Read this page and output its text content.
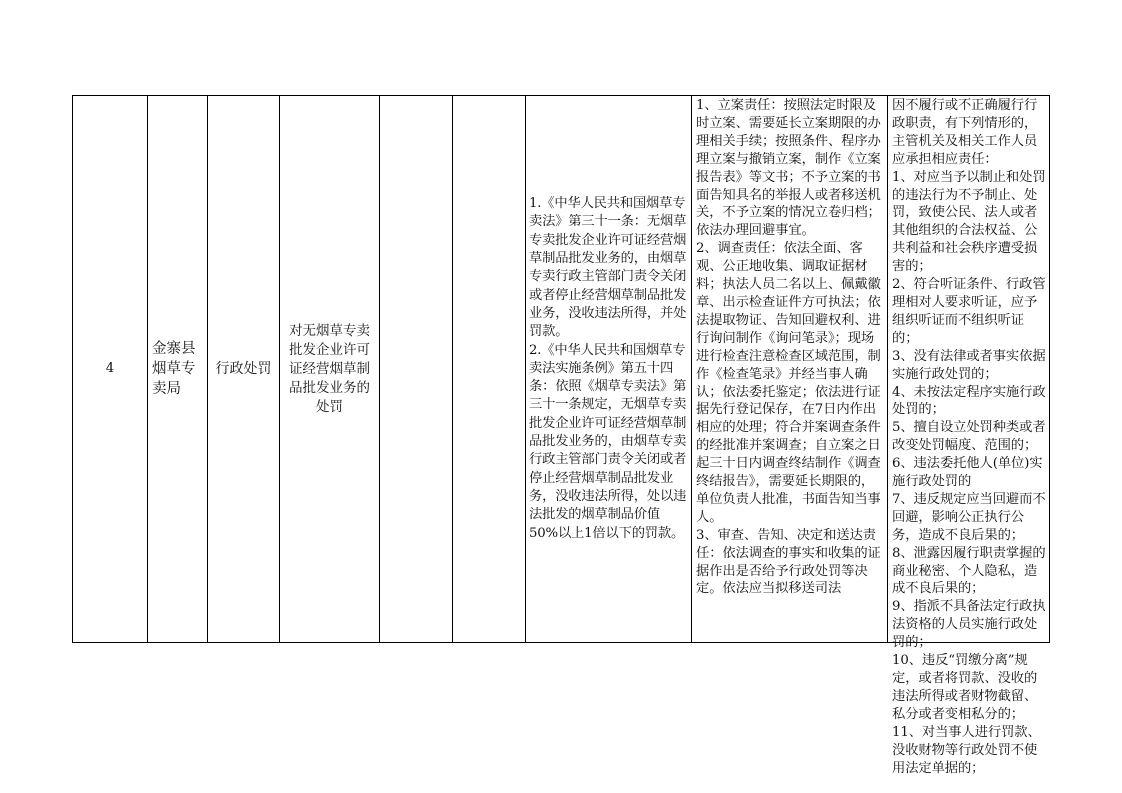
4
金寨县烟草专卖局
行政处罚
对无烟草专卖批发企业许可证经营烟草制品批发业务的处罚
1.《中华人民共和国烟草专卖法》第三十一条：无烟草专卖批发企业许可证经营烟草制品批发业务的，由烟草专卖行政主管部门责令关闭或者停止经营烟草制品批发业务，没收违法所得，并处罚款。
2.《中华人民共和国烟草专卖法实施条例》第五十四条：依照《烟草专卖法》第三十一条规定，无烟草专卖批发企业许可证经营烟草制品批发业务的，由烟草专卖行政主管部门责令关闭或者停止经营烟草制品批发业务，没收违法所得，处以违法批发的烟草制品价值50%以上1倍以下的罚款。
1、立案责任：按照法定时限及时立案、需要延长立案期限的办理相关手续；按照条件、程序办理立案与撤销立案，制作《立案报告表》等文书；不予立案的书面告知具名的举报人或者移送机关，不予立案的情况立卷归档；　依法办理回避事宜。
2、调查责任：依法全面、客观、公正地收集、调取证据材料；执法人员二名以上、佩戴徽章、出示检查证件方可执法；依法提取物证、告知回避权利、进行询问制作《询问笔录》；现场进行检查注意检查区域范围，制作《检查笔录》并经当事人确认；依法委托鉴定；依法进行证据先行登记保存，在7日内作出相应的处理；符合并案调查条件的经批准并案调查；自立案之日起三十日内调查终结制作《调查终结报告》，需要延长期限的，单位负责人批准，书面告知当事人。
3、审查、告知、决定和送达责任：依法调查的事实和收集的证据作出是否给予行政处罚等决定。依法应当拟移送司法
因不履行或不正确履行行政职责，有下列情形的，主管机关及相关工作人员应承担相应责任：
1、对应当予以制止和处罚的违法行为不予制止、处罚，致使公民、法人或者其他组织的合法权益、公共利益和社会秩序遭受损害的；
2、符合听证条件、行政管理相对人要求听证，应予组织听证而不组织听证的；
3、没有法律或者事实依据实施行政处罚的；
4、未按法定程序实施行政处罚的；
5、擅自设立处罚种类或者改变处罚幅度、范围的；
6、违法委托他人(单位)实施行政处罚的
7、违反规定应当回避而不回避，影响公正执行公务，造成不良后果的；
8、泄露因履行职责掌握的商业秘密、个人隐私，造成不良后果的；
9、指派不具备法定行政执法资格的人员实施行政处罚的；
10、违反“罚缴分离”规定，或者将罚款、没收的违法所得或者财物截留、私分或者变相私分的；
11、对当事人进行罚款、没收财物等行政处罚不使用法定单据的；
